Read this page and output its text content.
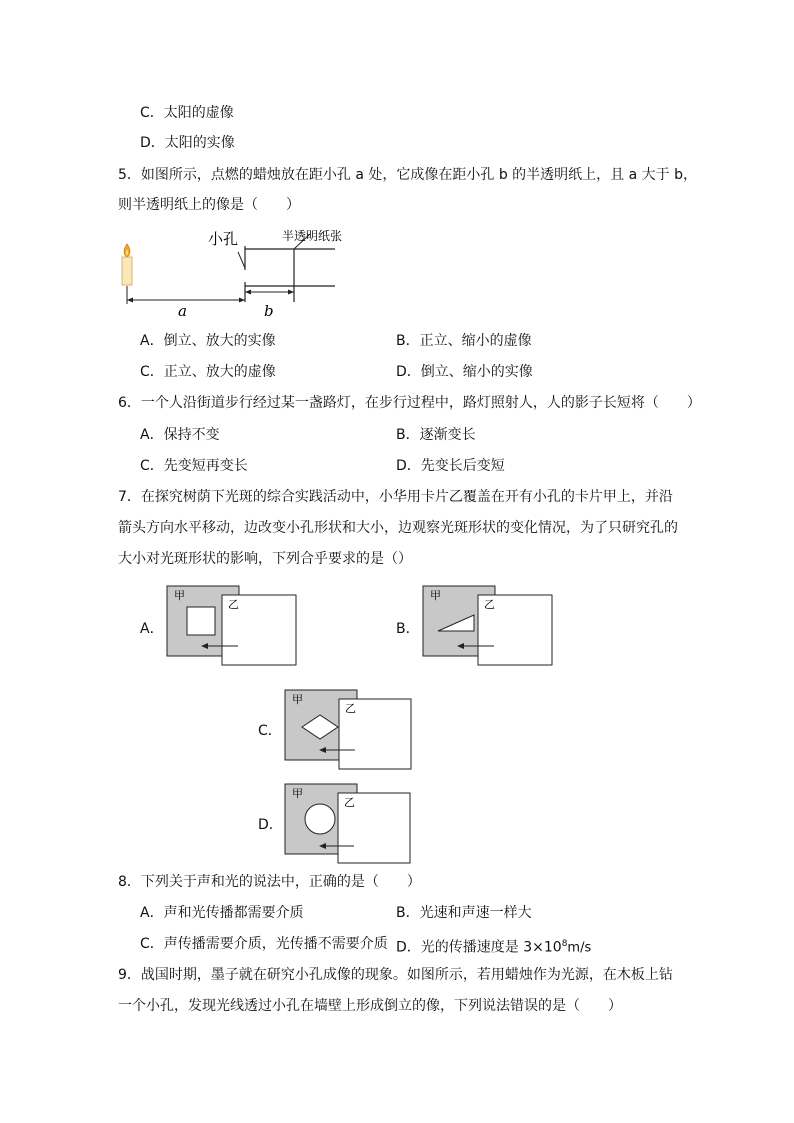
C．太阳的虚像
D．太阳的实像
5．如图所示，点燃的蜡烛放在距小孔 a 处，它成像在距小孔 b 的半透明纸上，且 a 大于 b，
则半透明纸上的像是（　　）
小孔	半透明纸张
a	b
A．倒立、放大的实像	B．正立、缩小的虚像
C．正立、放大的虚像	D．倒立、缩小的实像
6．一个人沿街道步行经过某一盏路灯，在步行过程中，路灯照射人，人的影子长短将（　　）
A．保持不变	B．逐渐变长
C．先变短再变长	D．先变长后变短
7．在探究树荫下光斑的综合实践活动中，小华用卡片乙覆盖在开有小孔的卡片甲上，并沿
箭头方向水平移动，边改变小孔形状和大小，边观察光斑形状的变化情况，为了只研究孔的
大小对光斑形状的影响，下列合乎要求的是（）
A．
甲
乙
B．
甲
乙
C．
甲
乙
D．
甲
乙
8．下列关于声和光的说法中，正确的是（　　）
A．声和光传播都需要介质	B．光速和声速一样大
C．声传播需要介质，光传播不需要介质 D．光的传播速度是 $3\times 10^8m/s$
9．战国时期，墨子就在研究小孔成像的现象。如图所示，若用蜡烛作为光源，在木板上钻
一个小孔，发现光线透过小孔在墙壁上形成倒立的像，下列说法错误的是（　　）
